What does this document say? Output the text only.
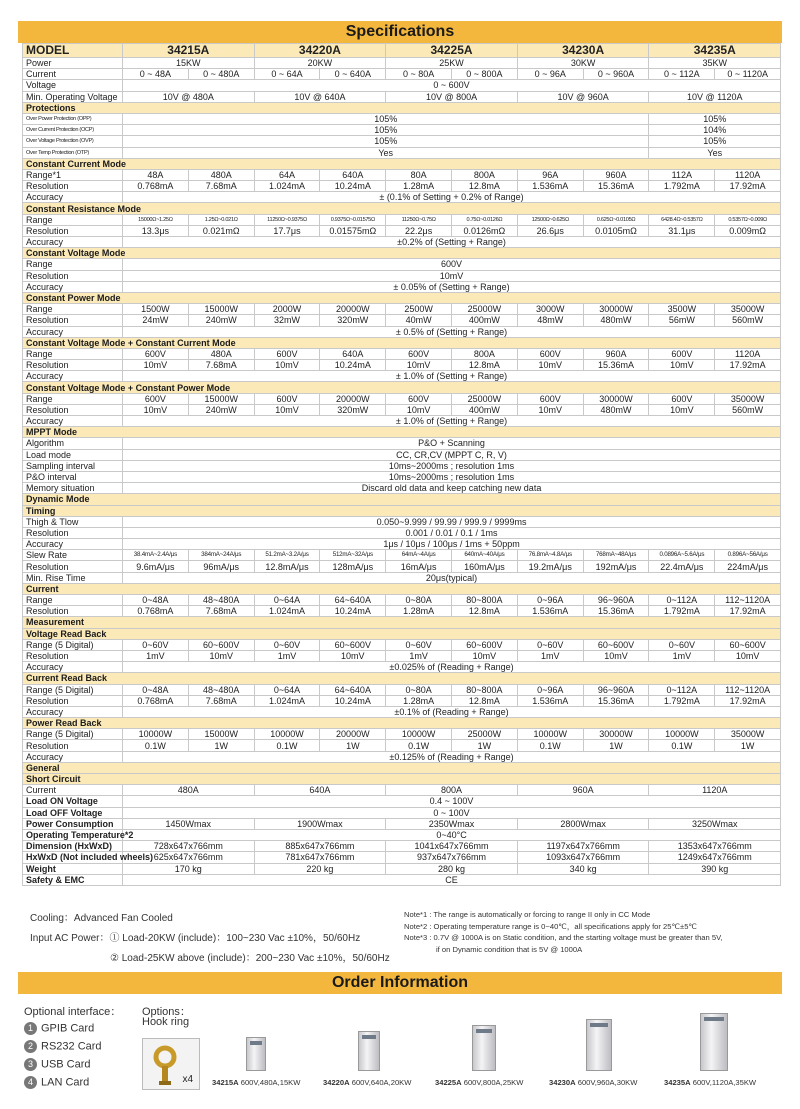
Specifications
MODEL	34215A		34220A		34225A		34230A		34235A	
Power	15KW		20KW		25KW		30KW		35KW	
Current	0 ~ 48A	0 ~ 480A	0 ~ 64A	0 ~ 640A	0 ~ 80A	0 ~ 800A	0 ~ 96A	0 ~ 960A	0 ~ 112A	0 ~ 1120A
Voltage	0 ~ 600V									
Min. Operating Voltage	10V @ 480A		10V @ 640A		10V @ 800A		10V @ 960A		10V @ 1120A	
Protections										
Over Power Protection (OPP)	105%								105%	
Over Current Protection (OCP)	105%								104%	
Over Voltage Protection (OVP)	105%								105%	
Over Temp Protection (OTP)	Yes								Yes	
Constant Current Mode										
Range*1	48A	480A	64A	640A	80A	800A	96A	960A	112A	1120A
Resolution	0.768mA	7.68mA	1.024mA	10.24mA	1.28mA	12.8mA	1.536mA	15.36mA	1.792mA	17.92mA
Accuracy	± (0.1% of Setting + 0.2% of Range)									
Constant Resistance Mode										
Range	15000Ω~1.25Ω	1.25Ω~0.021Ω	11250Ω~0.9375Ω	0.9375Ω~0.01575Ω	11250Ω~0.75Ω	0.75Ω~0.0126Ω	12500Ω~0.625Ω	0.625Ω~0.0105Ω	6428.4Ω~0.5357Ω	0.5357Ω~0.009Ω
Resolution	13.3μs	0.021mΩ	17.7μs	0.01575mΩ	22.2μs	0.0126mΩ	26.6μs	0.0105mΩ	31.1μs	0.009mΩ
Accuracy	±0.2% of (Setting + Range)									
Constant Voltage Mode										
Range	600V									
Resolution	10mV									
Accuracy	± 0.05% of (Setting + Range)									
Constant Power Mode										
Range	1500W	15000W	2000W	20000W	2500W	25000W	3000W	30000W	3500W	35000W
Resolution	24mW	240mW	32mW	320mW	40mW	400mW	48mW	480mW	56mW	560mW
Accuracy	± 0.5% of (Setting + Range)									
Constant Voltage Mode + Constant Current Mode										
Range	600V	480A	600V	640A	600V	800A	600V	960A	600V	1120A
Resolution	10mV	7.68mA	10mV	10.24mA	10mV	12.8mA	10mV	15.36mA	10mV	17.92mA
Accuracy	± 1.0% of (Setting + Range)									
Constant Voltage Mode + Constant Power Mode										
Range	600V	15000W	600V	20000W	600V	25000W	600V	30000W	600V	35000W
Resolution	10mV	240mW	10mV	320mW	10mV	400mW	10mV	480mW	10mV	560mW
Accuracy	± 1.0% of (Setting + Range)									
MPPT Mode										
Algorithm	P&O + Scanning									
Load mode	CC, CR,CV (MPPT C, R, V)									
Sampling interval	10ms~2000ms ; resolution 1ms									
P&O interval	10ms~2000ms ; resolution 1ms									
Memory situation	Discard old data and keep catching new data									
Dynamic Mode										
Timing										
Thigh & Tlow	0.050~9.999 / 99.99 / 999.9 / 9999ms									
Resolution	0.001 / 0.01 / 0.1 / 1ms									
Accuracy	1μs / 10μs / 100μs / 1ms + 50ppm									
Slew Rate	38.4mA~2.4A/μs	384mA~24A/μs	51.2mA~3.2A/μs	512mA~32A/μs	64mA~4A/μs	640mA~40A/μs	76.8mA~4.8A/μs	768mA~48A/μs	0.0896A~5.6A/μs	0.896A~56A/μs
Resolution	9.6mA/μs	96mA/μs	12.8mA/μs	128mA/μs	16mA/μs	160mA/μs	19.2mA/μs	192mA/μs	22.4mA/μs	224mA/μs
Min. Rise Time	20μs(typical)									
Current										
Range	0~48A	48~480A	0~64A	64~640A	0~80A	80~800A	0~96A	96~960A	0~112A	112~1120A
Resolution	0.768mA	7.68mA	1.024mA	10.24mA	1.28mA	12.8mA	1.536mA	15.36mA	1.792mA	17.92mA
Measurement										
Voltage Read Back										
Range (5 Digital)	0~60V	60~600V	0~60V	60~600V	0~60V	60~600V	0~60V	60~600V	0~60V	60~600V
Resolution	1mV	10mV	1mV	10mV	1mV	10mV	1mV	10mV	1mV	10mV
Accuracy	±0.025% of (Reading + Range)									
Current Read Back										
Range (5 Digital)	0~48A	48~480A	0~64A	64~640A	0~80A	80~800A	0~96A	96~960A	0~112A	112~1120A
Resolution	0.768mA	7.68mA	1.024mA	10.24mA	1.28mA	12.8mA	1.536mA	15.36mA	1.792mA	17.92mA
Accuracy	±0.1% of (Reading + Range)									
Power Read Back										
Range (5 Digital)	10000W	15000W	10000W	20000W	10000W	25000W	10000W	30000W	10000W	35000W
Resolution	0.1W	1W	0.1W	1W	0.1W	1W	0.1W	1W	0.1W	1W
Accuracy	±0.125% of (Reading + Range)									
General										
Short Circuit										
Current	480A		640A		800A		960A		1120A	
Load ON Voltage	0.4 ~ 100V									
Load OFF Voltage	0 ~ 100V									
Power Consumption	1450Wmax		1900Wmax		2350Wmax		2800Wmax		3250Wmax	
Operating Temperature*2	0~40°C									
Dimension (HxWxD)	728x647x766mm		885x647x766mm		1041x647x766mm		1197x647x766mm		1353x647x766mm	
HxWxD (Not included wheels)	625x647x766mm		781x647x766mm		937x647x766mm		1093x647x766mm		1249x647x766mm	
Weight	170 kg		220 kg		280 kg		340 kg		390 kg	
Safety & EMC	CE									
Cooling：Advanced Fan Cooled
Input AC Power：① Load-20KW (include)：100~230 Vac ±10%，50/60Hz
② Load-25KW above (include)：200~230 Vac ±10%，50/60Hz
Note*1 : The range is automatically or forcing to range II only in CC Mode
Note*2 : Operating temperature range is 0~40℃，all specifications apply for 25℃±5℃
Note*3 : 0.7V @ 1000A is on Static condition, and the starting voltage must be greater than 5V,
if on Dynamic condition that is 5V @ 1000A
Order Information
Optional interface：
1 GPIB Card
2 RS232 Card
3 USB Card
4 LAN Card
Options：
Hook ring
x4	34215A 600V,480A,15KW	34220A 600V,640A,20KW	34225A 600V,800A,25KW	34230A 600V,960A,30KW	34235A 600V,1120A,35KW
